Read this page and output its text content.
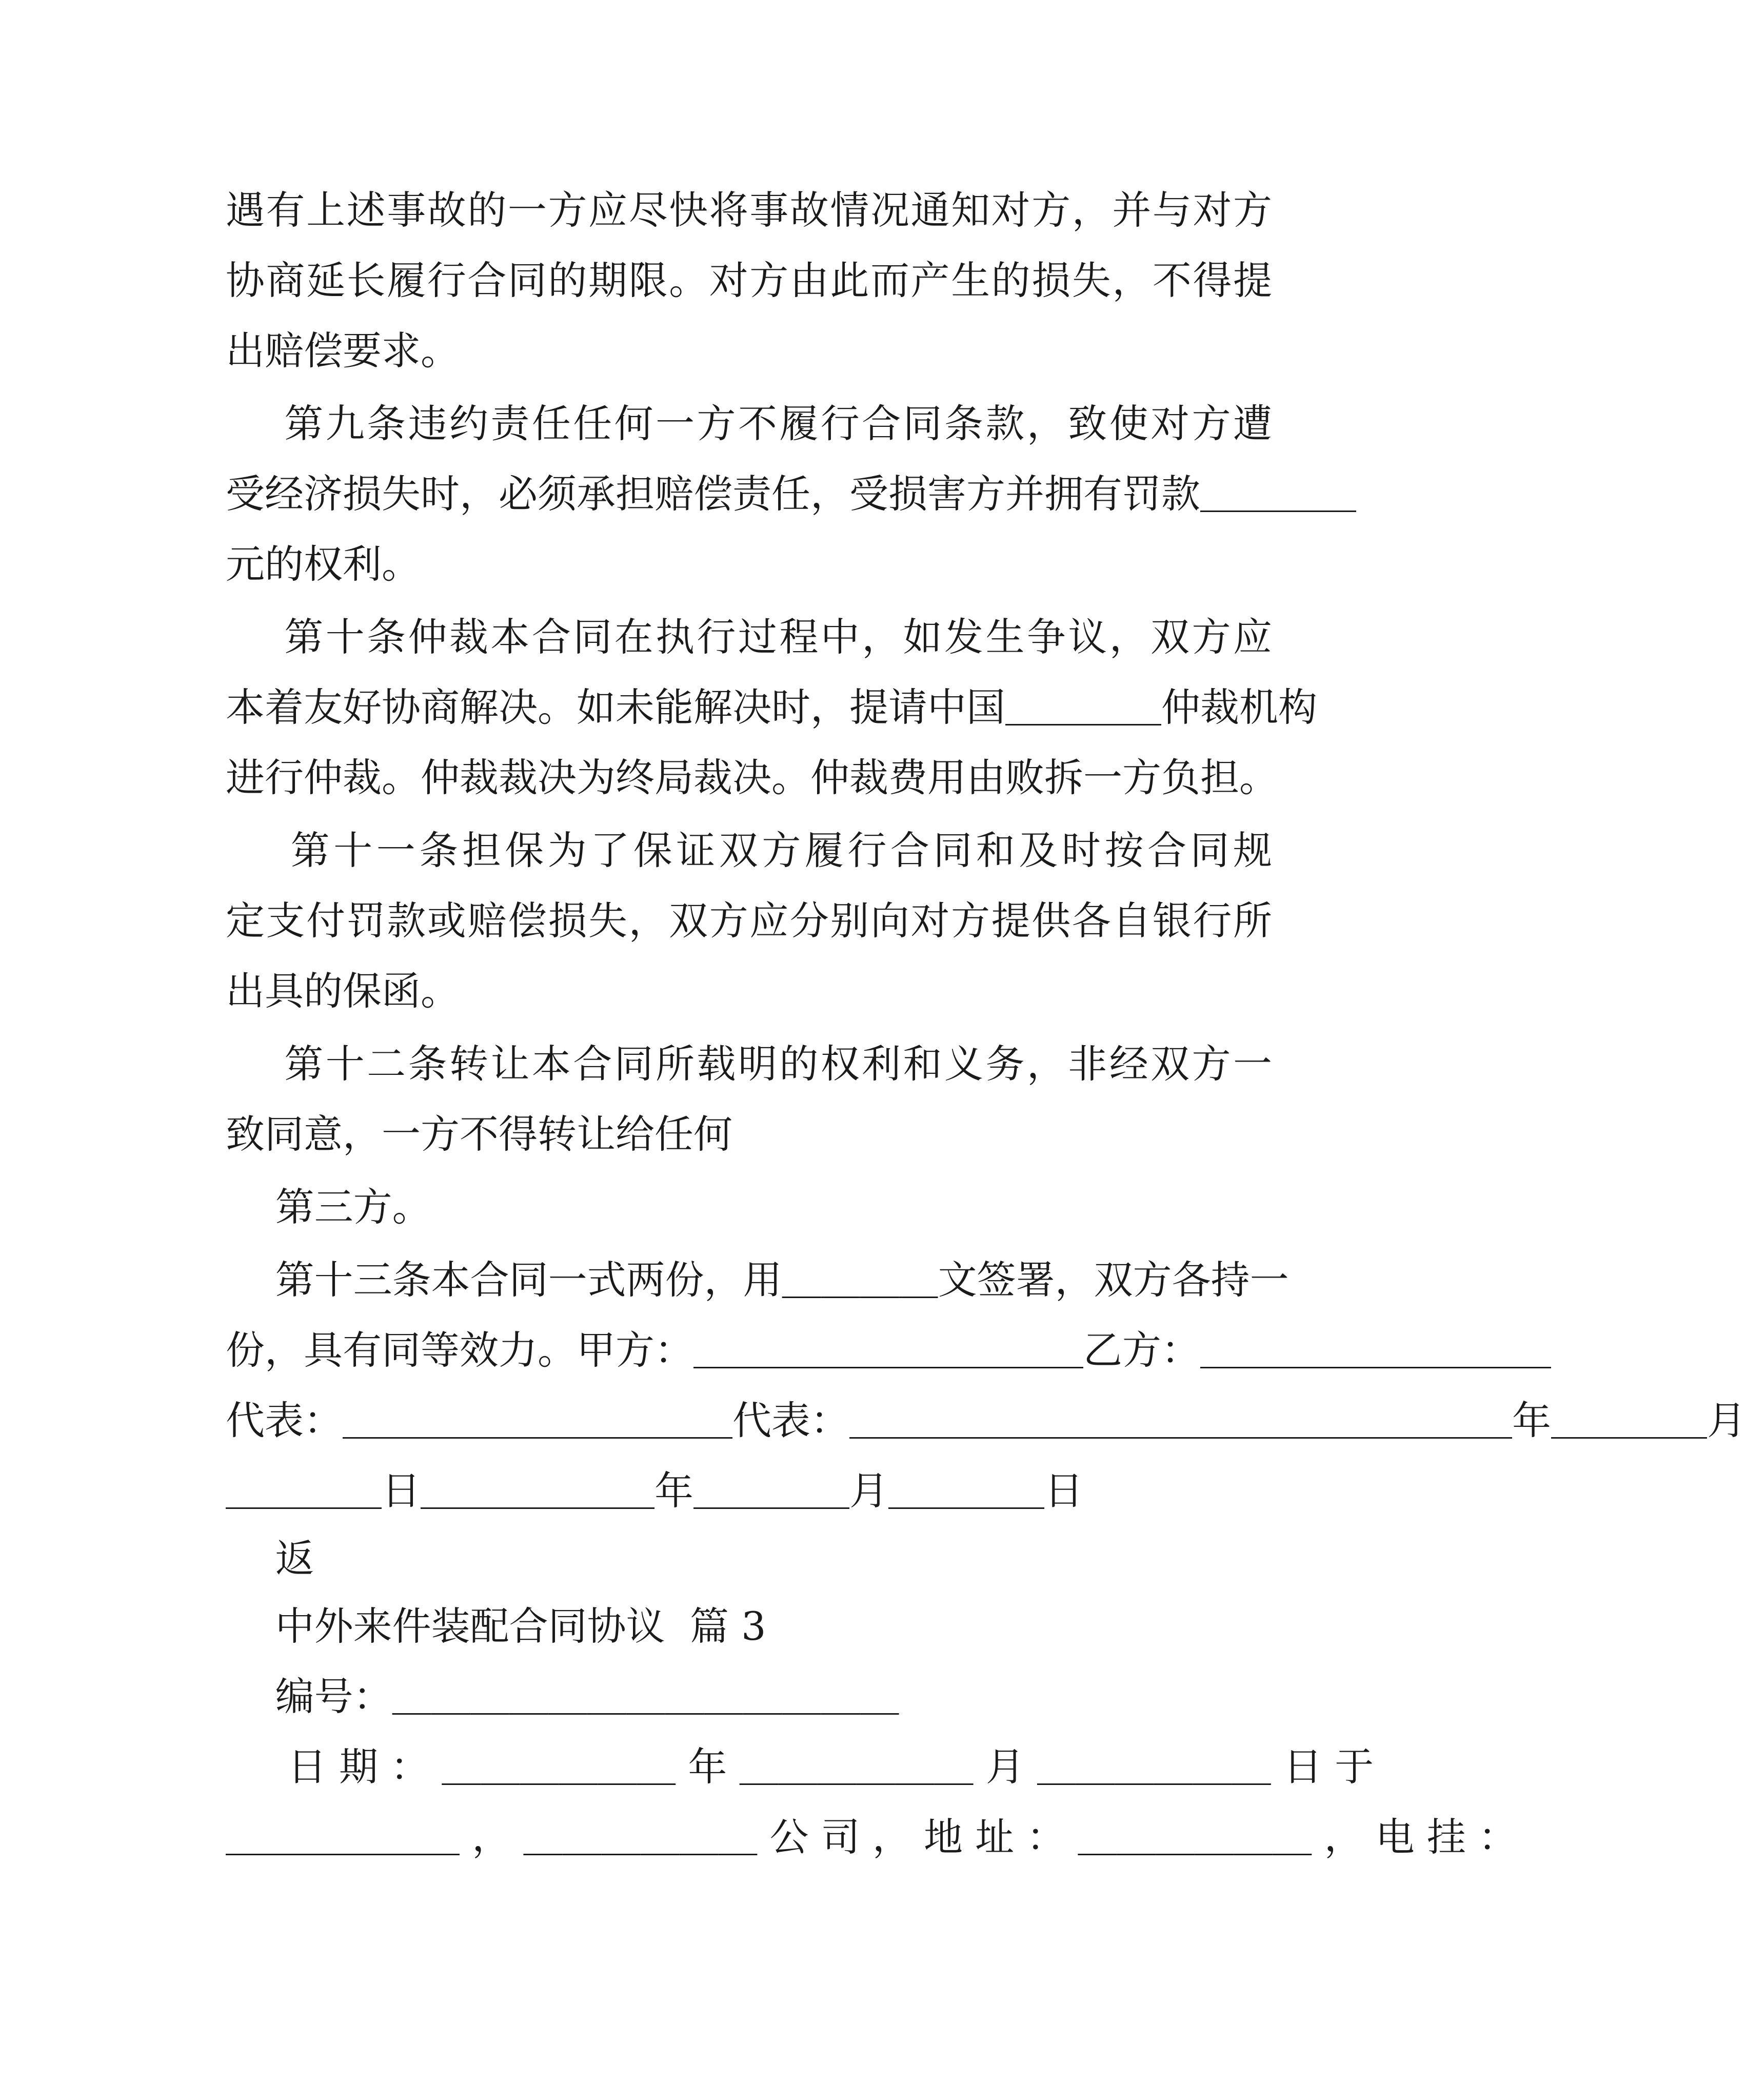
遇有上述事故的一方应尽快将事故情况通知对方，并与对方
协商延长履行合同的期限。对方由此而产生的损失，不得提
出赔偿要求。
第九条违约责任任何一方不履行合同条款，致使对方遭
受经济损失时，必须承担赔偿责任，受损害方并拥有罚款＿＿＿＿
元的权利。
第十条仲裁本合同在执行过程中，如发生争议，双方应
本着友好协商解决。如未能解决时，提请中国＿＿＿＿仲裁机构
进行仲裁。仲裁裁决为终局裁决。仲裁费用由败拆一方负担。
第十一条担保为了保证双方履行合同和及时按合同规
定支付罚款或赔偿损失，双方应分别向对方提供各自银行所
出具的保函。
第十二条转让本合同所载明的权利和义务，非经双方一
致同意，一方不得转让给任何
第三方。
第十三条本合同一式两份，用＿＿＿＿文签署，双方各持一
份，具有同等效力。甲方：＿＿＿＿＿＿＿＿＿＿乙方：＿＿＿＿＿＿＿＿＿
代表：＿＿＿＿＿＿＿＿＿＿代表：＿＿＿＿＿＿＿＿＿＿＿＿＿＿＿＿＿年＿＿＿＿月
＿＿＿＿日＿＿＿＿＿＿年＿＿＿＿月＿＿＿＿日
返
中外来件装配合同协议  篇 3
编号：＿＿＿＿＿＿＿＿＿＿＿＿＿
日 期 ： ＿＿＿＿＿＿ 年 ＿＿＿＿＿＿ 月 ＿＿＿＿＿＿ 日 于
＿＿＿＿＿＿ ， ＿＿＿＿＿＿ 公 司 ， 地 址 ： ＿＿＿＿＿＿ ， 电 挂 ：
